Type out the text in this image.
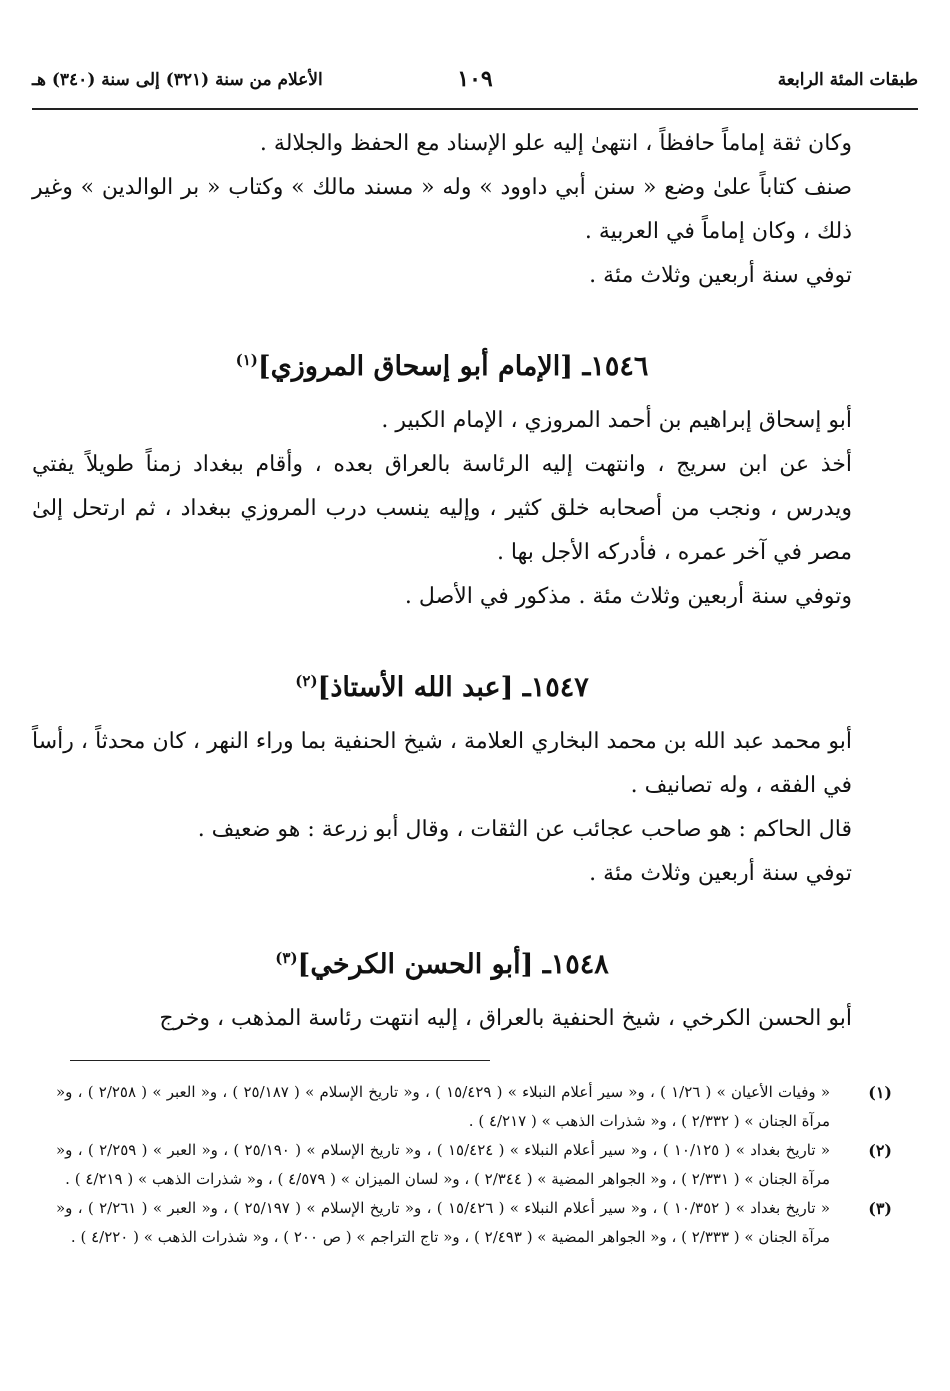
طبقات المئة الرابعة
١٠٩
الأعلام من سنة (٣٢١) إلى سنة (٣٤٠) هـ

وكان ثقة إماماً حافظاً ، انتهىٰ إليه علو الإسناد مع الحفظ والجلالة .

صنف كتاباً علىٰ وضع « سنن أبي داوود » وله « مسند مالك » وكتاب « بر الوالدين » وغير ذلك ، وكان إماماً في العربية .

توفي سنة أربعين وثلاث مئة .

١٥٤٦ـ [الإمام أبو إسحاق المروزي]$^{(١)}$

أبو إسحاق إبراهيم بن أحمد المروزي ، الإمام الكبير .

أخذ عن ابن سريج ، وانتهت إليه الرئاسة بالعراق بعده ، وأقام ببغداد زمناً طويلاً يفتي ويدرس ، ونجب من أصحابه خلق كثير ، وإليه ينسب درب المروزي ببغداد ، ثم ارتحل إلىٰ مصر في آخر عمره ، فأدركه الأجل بها .

وتوفي سنة أربعين وثلاث مئة . مذكور في الأصل .

١٥٤٧ـ [عبد الله الأستاذ]$^{(٢)}$

أبو محمد عبد الله بن محمد البخاري العلامة ، شيخ الحنفية بما وراء النهر ، كان محدثاً ، رأساً في الفقه ، وله تصانيف .

قال الحاكم : هو صاحب عجائب عن الثقات ، وقال أبو زرعة : هو ضعيف .

توفي سنة أربعين وثلاث مئة .

١٥٤٨ـ [أبو الحسن الكرخي]$^{(٣)}$

أبو الحسن الكرخي ، شيخ الحنفية بالعراق ، إليه انتهت رئاسة المذهب ، وخرج

(١)
« وفيات الأعيان » ( ١/٢٦ ) ، و« سير أعلام النبلاء » ( ١٥/٤٢٩ ) ، و« تاريخ الإسلام » ( ٢٥/١٨٧ ) ، و« العبر » ( ٢/٢٥٨ ) ، و« مرآة الجنان » ( ٢/٣٣٢ ) ، و« شذرات الذهب » ( ٤/٢١٧ ) .
(٢)
« تاريخ بغداد » ( ١٠/١٢٥ ) ، و« سير أعلام النبلاء » ( ١٥/٤٢٤ ) ، و« تاريخ الإسلام » ( ٢٥/١٩٠ ) ، و« العبر » ( ٢/٢٥٩ ) ، و« مرآة الجنان » ( ٢/٣٣١ ) ، و« الجواهر المضية » ( ٢/٣٤٤ ) ، و« لسان الميزان » ( ٤/٥٧٩ ) ، و« شذرات الذهب » ( ٤/٢١٩ ) .
(٣)
« تاريخ بغداد » ( ١٠/٣٥٢ ) ، و« سير أعلام النبلاء » ( ١٥/٤٢٦ ) ، و« تاريخ الإسلام » ( ٢٥/١٩٧ ) ، و« العبر » ( ٢/٢٦١ ) ، و« مرآة الجنان » ( ٢/٣٣٣ ) ، و« الجواهر المضية » ( ٢/٤٩٣ ) ، و« تاج التراجم » ( ص ٢٠٠ ) ، و« شذرات الذهب » ( ٤/٢٢٠ ) .
